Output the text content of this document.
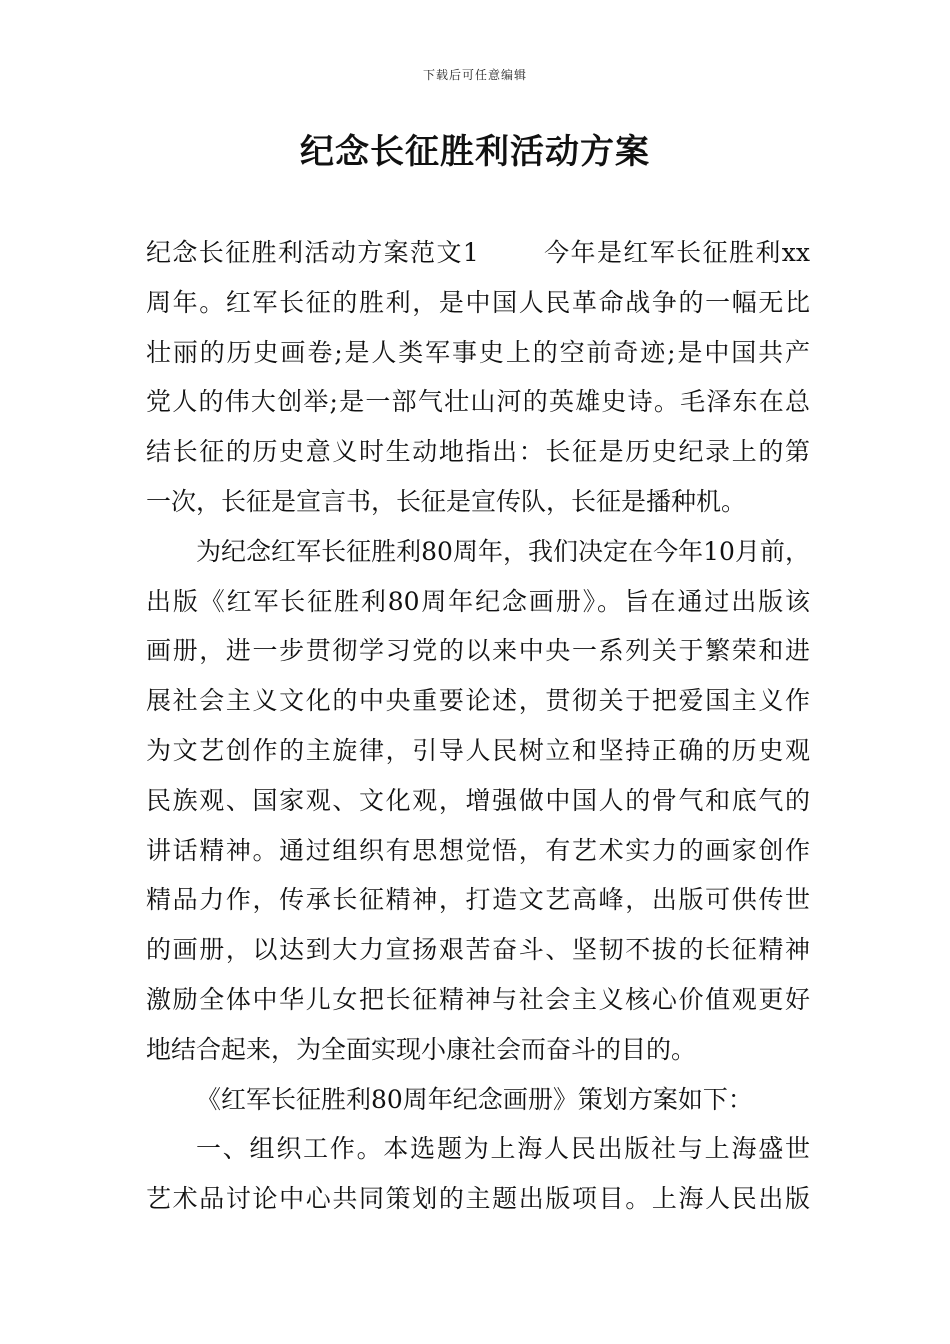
下载后可任意编辑
纪念长征胜利活动方案
纪念长征胜利活动方案范文1	今年是红军长征胜利xx
周年。红军长征的胜利，是中国人民革命战争的一幅无比
壮丽的历史画卷;是人类军事史上的空前奇迹;是中国共产
党人的伟大创举;是一部气壮山河的英雄史诗。毛泽东在总
结长征的历史意义时生动地指出：长征是历史纪录上的第
一次，长征是宣言书，长征是宣传队，长征是播种机。
为纪念红军长征胜利80周年，我们决定在今年10月前，
出版《红军长征胜利80周年纪念画册》。旨在通过出版该
画册，进一步贯彻学习党的以来中央一系列关于繁荣和进
展社会主义文化的中央重要论述，贯彻关于把爱国主义作
为文艺创作的主旋律，引导人民树立和坚持正确的历史观
民族观、国家观、文化观，增强做中国人的骨气和底气的
讲话精神。通过组织有思想觉悟，有艺术实力的画家创作
精品力作，传承长征精神，打造文艺高峰，出版可供传世
的画册，以达到大力宣扬艰苦奋斗、坚韧不拔的长征精神
激励全体中华儿女把长征精神与社会主义核心价值观更好
地结合起来，为全面实现小康社会而奋斗的目的。
《红军长征胜利80周年纪念画册》策划方案如下：
一、组织工作。本选题为上海人民出版社与上海盛世
艺术品讨论中心共同策划的主题出版项目。上海人民出版
